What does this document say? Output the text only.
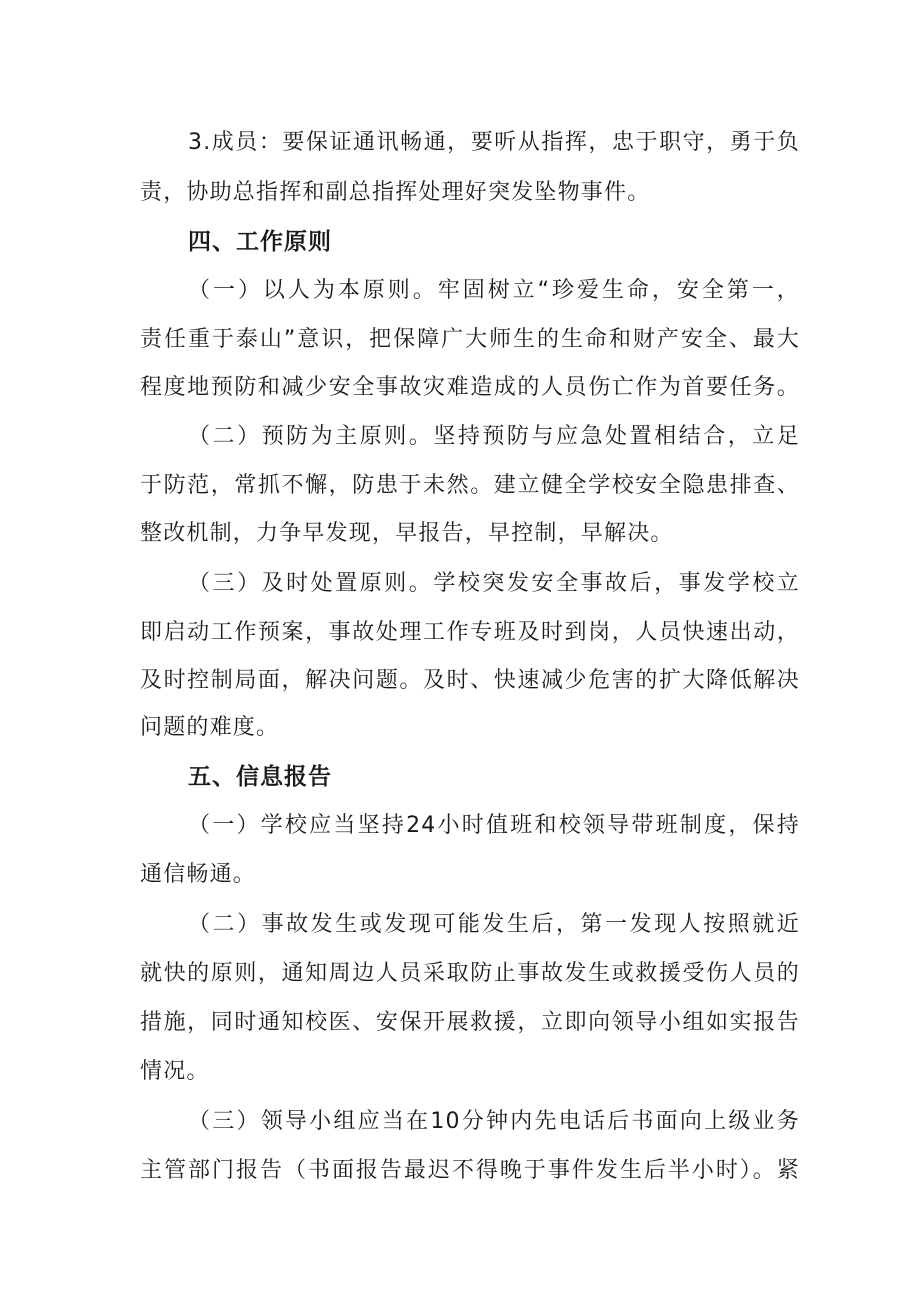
3.成员：要保证通讯畅通，要听从指挥，忠于职守，勇于负
责，协助总指挥和副总指挥处理好突发坠物事件。
四、工作原则
（一）以人为本原则。牢固树立“珍爱生命，安全第一，
责任重于泰山”意识，把保障广大师生的生命和财产安全、最大
程度地预防和减少安全事故灾难造成的人员伤亡作为首要任务。
（二）预防为主原则。坚持预防与应急处置相结合，立足
于防范，常抓不懈，防患于未然。建立健全学校安全隐患排查、
整改机制，力争早发现，早报告，早控制，早解决。
（三）及时处置原则。学校突发安全事故后，事发学校立
即启动工作预案，事故处理工作专班及时到岗，人员快速出动，
及时控制局面，解决问题。及时、快速减少危害的扩大降低解决
问题的难度。
五、信息报告
（一）学校应当坚持24小时值班和校领导带班制度，保持
通信畅通。
（二）事故发生或发现可能发生后，第一发现人按照就近
就快的原则，通知周边人员采取防止事故发生或救援受伤人员的
措施，同时通知校医、安保开展救援，立即向领导小组如实报告
情况。
（三）领导小组应当在10分钟内先电话后书面向上级业务
主管部门报告（书面报告最迟不得晚于事件发生后半小时）。紧
